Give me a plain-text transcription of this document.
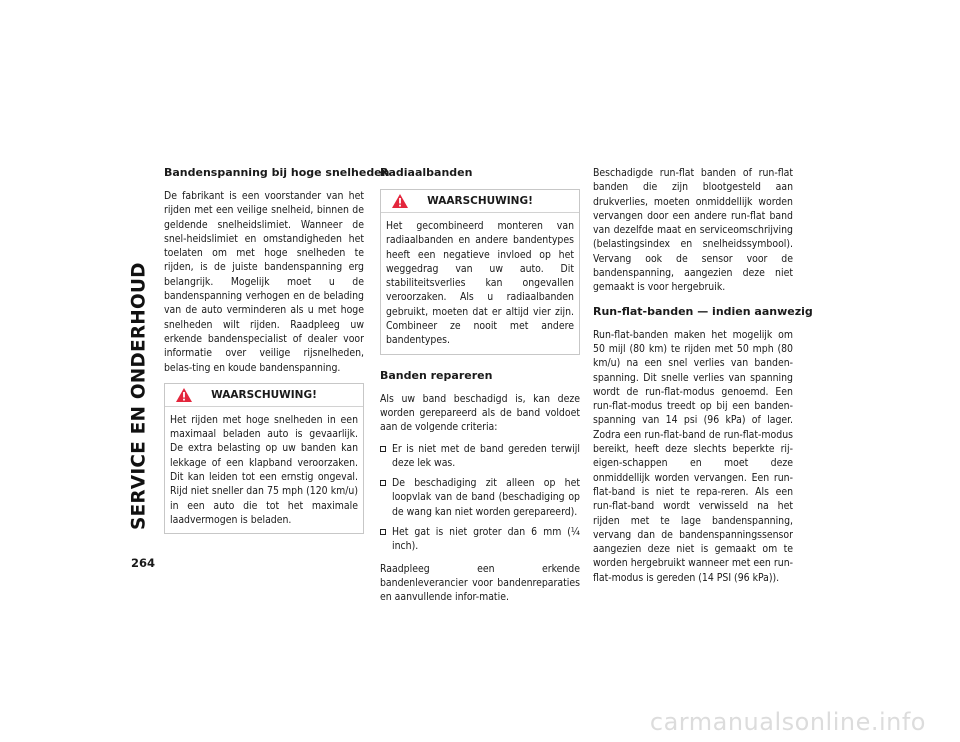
SERVICE EN ONDERHOUD
264
Bandenspanning bij hoge snelheden

De fabrikant is een voorstander van het rijden met een veilige snelheid, binnen de geldende snelheidslimiet. Wanneer de snel-heidslimiet en omstandigheden het toelaten om met hoge snelheden te rijden, is de juiste bandenspanning erg belangrijk. Mogelijk moet u de bandenspanning verhogen en de belading van de auto verminderen als u met hoge snelheden wilt rijden. Raadpleeg uw erkende bandenspecialist of dealer voor informatie over veilige rijsnelheden, belas-ting en koude bandenspanning.

WAARSCHUWING!
Het rijden met hoge snelheden in een maximaal beladen auto is gevaarlijk. De extra belasting op uw banden kan lekkage of een klapband veroorzaken. Dit kan leiden tot een ernstig ongeval. Rijd niet sneller dan 75 mph (120 km/u) in een auto die tot het maximale laadvermogen is beladen.
Radiaalbanden
WAARSCHUWING!
Het gecombineerd monteren van radiaalbanden en andere bandentypes heeft een negatieve invloed op het weggedrag van uw auto. Dit stabiliteitsverlies kan ongevallen veroorzaken. Als u radiaalbanden gebruikt, moeten dat er altijd vier zijn. Combineer ze nooit met andere bandentypes.
Banden repareren

Als uw band beschadigd is, kan deze worden gerepareerd als de band voldoet aan de volgende criteria:

Er is niet met de band gereden terwijl deze lek was.
De beschadiging zit alleen op het loopvlak van de band (beschadiging op de wang kan niet worden gerepareerd).
Het gat is niet groter dan 6 mm (¼ inch).

Raadpleeg een erkende bandenleverancier voor bandenreparaties en aanvullende infor-matie.

Beschadigde run-flat banden of run-flat banden die zijn blootgesteld aan drukverlies, moeten onmiddellijk worden vervangen door een andere run-flat band van dezelfde maat en serviceomschrijving (belastingsindex en snelheidssymbool). Vervang ook de sensor voor de bandenspanning, aangezien deze niet gemaakt is voor hergebruik.

Run-flat-banden — indien aanwezig

Run-flat-banden maken het mogelijk om 50 mijl (80 km) te rijden met 50 mph (80 km/u) na een snel verlies van banden-spanning. Dit snelle verlies van spanning wordt de run-flat-modus genoemd. Een run-flat-modus treedt op bij een banden-spanning van 14 psi (96 kPa) of lager. Zodra een run-flat-band de run-flat-modus bereikt, heeft deze slechts beperkte rij-eigen-schappen en moet deze onmiddellijk worden vervangen. Een run-flat-band is niet te repa-reren. Als een run-flat-band wordt verwisseld na het rijden met te lage bandenspanning, vervang dan de bandenspanningssensor aangezien deze niet is gemaakt om te worden hergebruikt wanneer met een run-flat-modus is gereden (14 PSI (96 kPa)).

carmanualsonline.info
